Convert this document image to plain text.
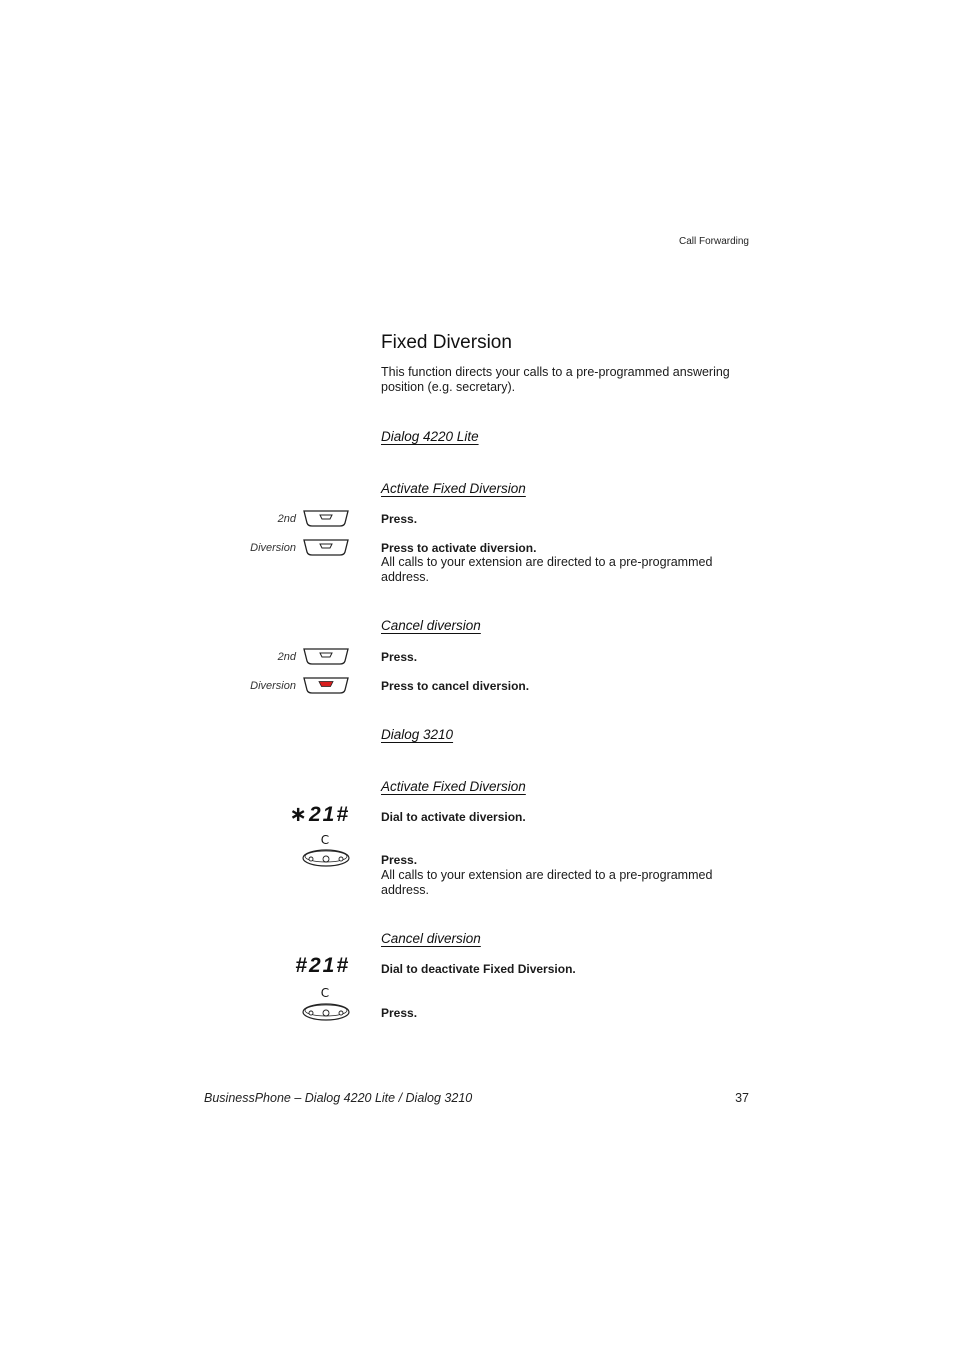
Call Forwarding
Fixed Diversion

This function directs your calls to a pre-programmed answering position (e.g. secretary).

Dialog 4220 Lite
Activate Fixed Diversion
2nd	Press.
Diversion	Press to activate diversion.
All calls to your extension are directed to a pre-programmed address.
Cancel diversion
2nd	Press.
Diversion	Press to cancel diversion.
Dialog 3210
Activate Fixed Diversion
∗21#	Dial to activate diversion.
C
Press.
All calls to your extension are directed to a pre-programmed address.
Cancel diversion
#21#	Dial to deactivate Fixed Diversion.
C
Press.
BusinessPhone – Dialog 4220 Lite / Dialog 3210	37
